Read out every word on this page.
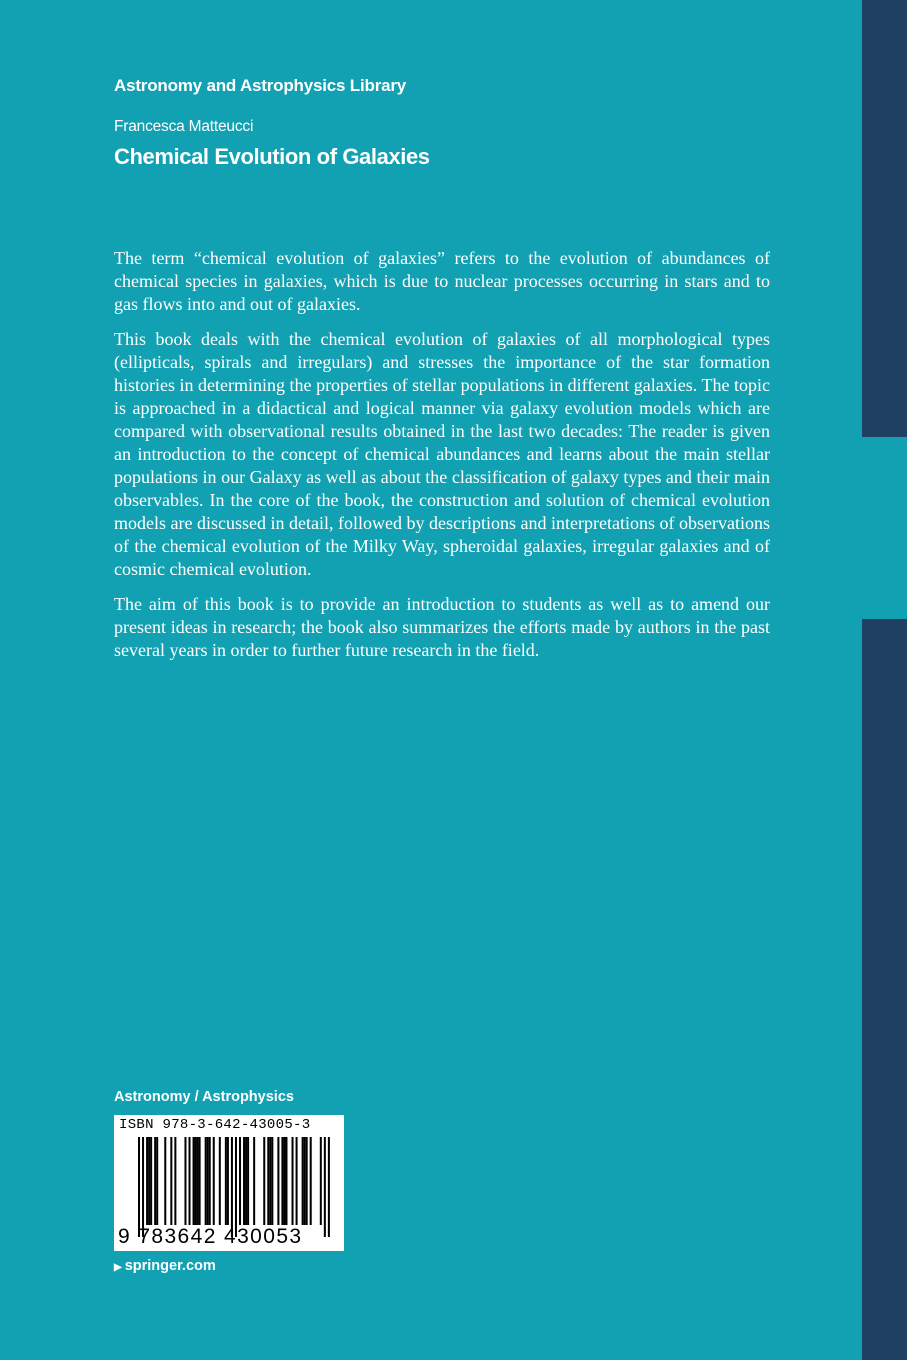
Astronomy and Astrophysics Library
Francesca Matteucci
Chemical Evolution of Galaxies

The term “chemical evolution of galaxies” refers to the evolution of abundances of chemical species in galaxies, which is due to nuclear processes occurring in stars and to gas flows into and out of galaxies.

This book deals with the chemical evolution of galaxies of all morphological types (ellipticals, spirals and irregulars) and stresses the importance of the star formation histories in determining the properties of stellar populations in different galaxies. The topic is approached in a didactical and logical manner via galaxy evolution models which are compared with observational results obtained in the last two decades: The reader is given an introduction to the concept of chemical abundances and learns about the main stellar populations in our Galaxy as well as about the classification of galaxy types and their main observables. In the core of the book, the construction and solution of chemical evolution models are discussed in detail, followed by descriptions and interpretations of observations of the chemical evolution of the Milky Way, spheroidal galaxies, irregular galaxies and of cosmic chemical evolution.

The aim of this book is to provide an introduction to students as well as to amend our present ideas in research; the book also summarizes the efforts made by authors in the past several years in order to further future research in the field.

Astronomy / Astrophysics
ISBN 978-3-642-43005-3
9 783642 430053
▶ springer.com
